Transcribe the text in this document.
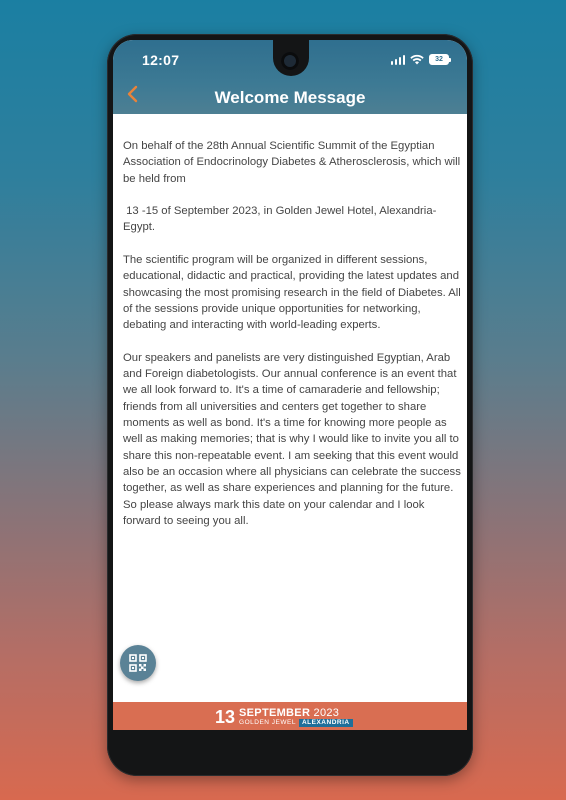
12:07	32
Welcome Message

On behalf of the 28th Annual Scientific Summit of the Egyptian Association of Endocrinology Diabetes & Atherosclerosis, which will be held from

13 -15 of September 2023, in Golden Jewel Hotel, Alexandria- Egypt.

The scientific program will be organized in different sessions, educational, didactic and practical, providing the latest updates and showcasing the most promising research in the field of Diabetes. All of the sessions provide unique opportunities for networking, debating and interacting with world-leading experts.

Our speakers and panelists are very distinguished Egyptian, Arab and Foreign diabetologists. Our annual conference is an event that we all look forward to. It's a time of camaraderie and fellowship; friends from all universities and centers get together to share moments as well as bond. It's a time for knowing more people as well as making memories; that is why I would like to invite you all to share this non-repeatable event. I am seeking that this event would also be an occasion where all physicians can celebrate the success together, as well as share experiences and planning for the future. So please always mark this date on your calendar and I look forward to seeing you all.

13 SEPTEMBER 2023
GOLDEN JEWEL ALEXANDRIA
